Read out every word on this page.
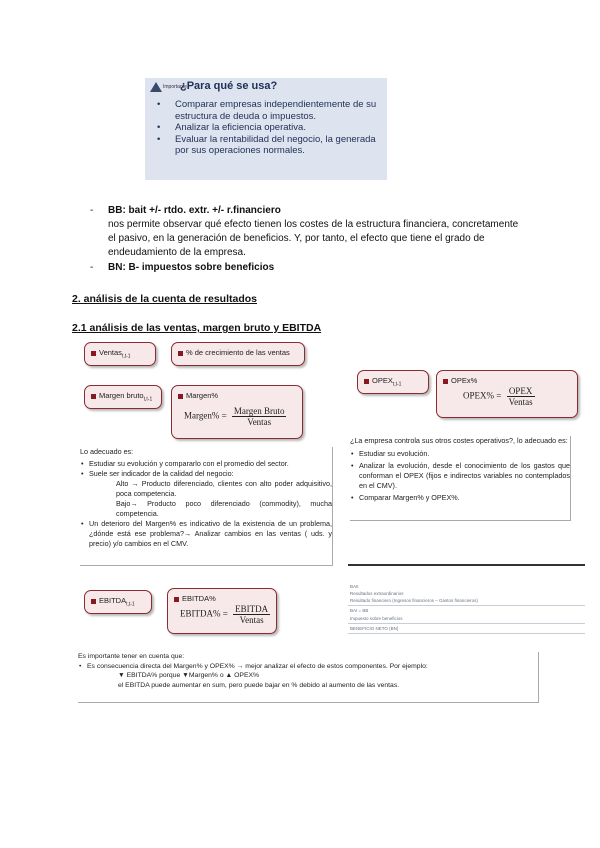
Importante
¿Para qué se usa?
• Comparar empresas independientemente de su estructura de deuda o impuestos.
• Analizar la eficiencia operativa.
• Evaluar la rentabilidad del negocio, la generada por sus operaciones normales.
- BB: bait +/- rtdo. extr. +/- r.financiero
nos permite observar qué efecto tienen los costes de la estructura financiera, concretamente el pasivo, en la generación de beneficios. Y, por tanto, el efecto que tiene el grado de endeudamiento de la empresa.
- BN: B- impuestos sobre beneficios
2. análisis de la cuenta de resultados
2.1 análisis de las ventas, margen bruto y EBITDA
Ventas$_{t,t-1}$	% de crecimiento de las ventas
Margen bruto$_{t,t-1}$	Margen%
Margen% = $\frac{\text{Margen Bruto}}{\text{Ventas}}$
Lo adecuado es:
• Estudiar su evolución y compararlo con el promedio del sector.
• Suele ser indicador de la calidad del negocio:
Alto → Producto diferenciado, clientes con alto poder adquisitivo, poca competencia.
Bajo→ Producto poco diferenciado (commodity), mucha competencia.
• Un deterioro del Margen% es indicativo de la existencia de un problema, ¿dónde está ese problema?→ Analizar cambios en las ventas ( uds. y precio) y/o cambios en el CMV.
$OPEX_{t,t-1}$	OPEx%
OPEX% = $\frac{\text{OPEX}}{\text{Ventas}}$
¿La empresa controla sus otros costes operativos?, lo adecuado es:
• Estudiar su evolución.
• Analizar la evolución, desde el conocimiento de los gastos que conforman el OPEX (fijos e indirectos variables no contemplados en el CMV).
• Comparar Margen% y OPEX%.
$EBITDA_{t,t-1}$
EBITDA%
EBITDA% = $\frac{\text{EBITDA}}{\text{Ventas}}$
Es importante tener en cuenta que:
• Es consecuencia directa del Margen% y OPEX% → mejor analizar el efecto de estos componentes. Por ejemplo:
▼ EBITDA% porque ▼Margen% o ▲ OPEX%
el EBITDA puede aumentar en sum, pero puede bajar en % debido al aumento de las ventas.
BAII
Resultados extraordinarios
Resultado financiero (Ingresos financieros – Gastos financieros)
BAI = BB
Impuesto sobre beneficios
BENEFICIO NETO (BN)
